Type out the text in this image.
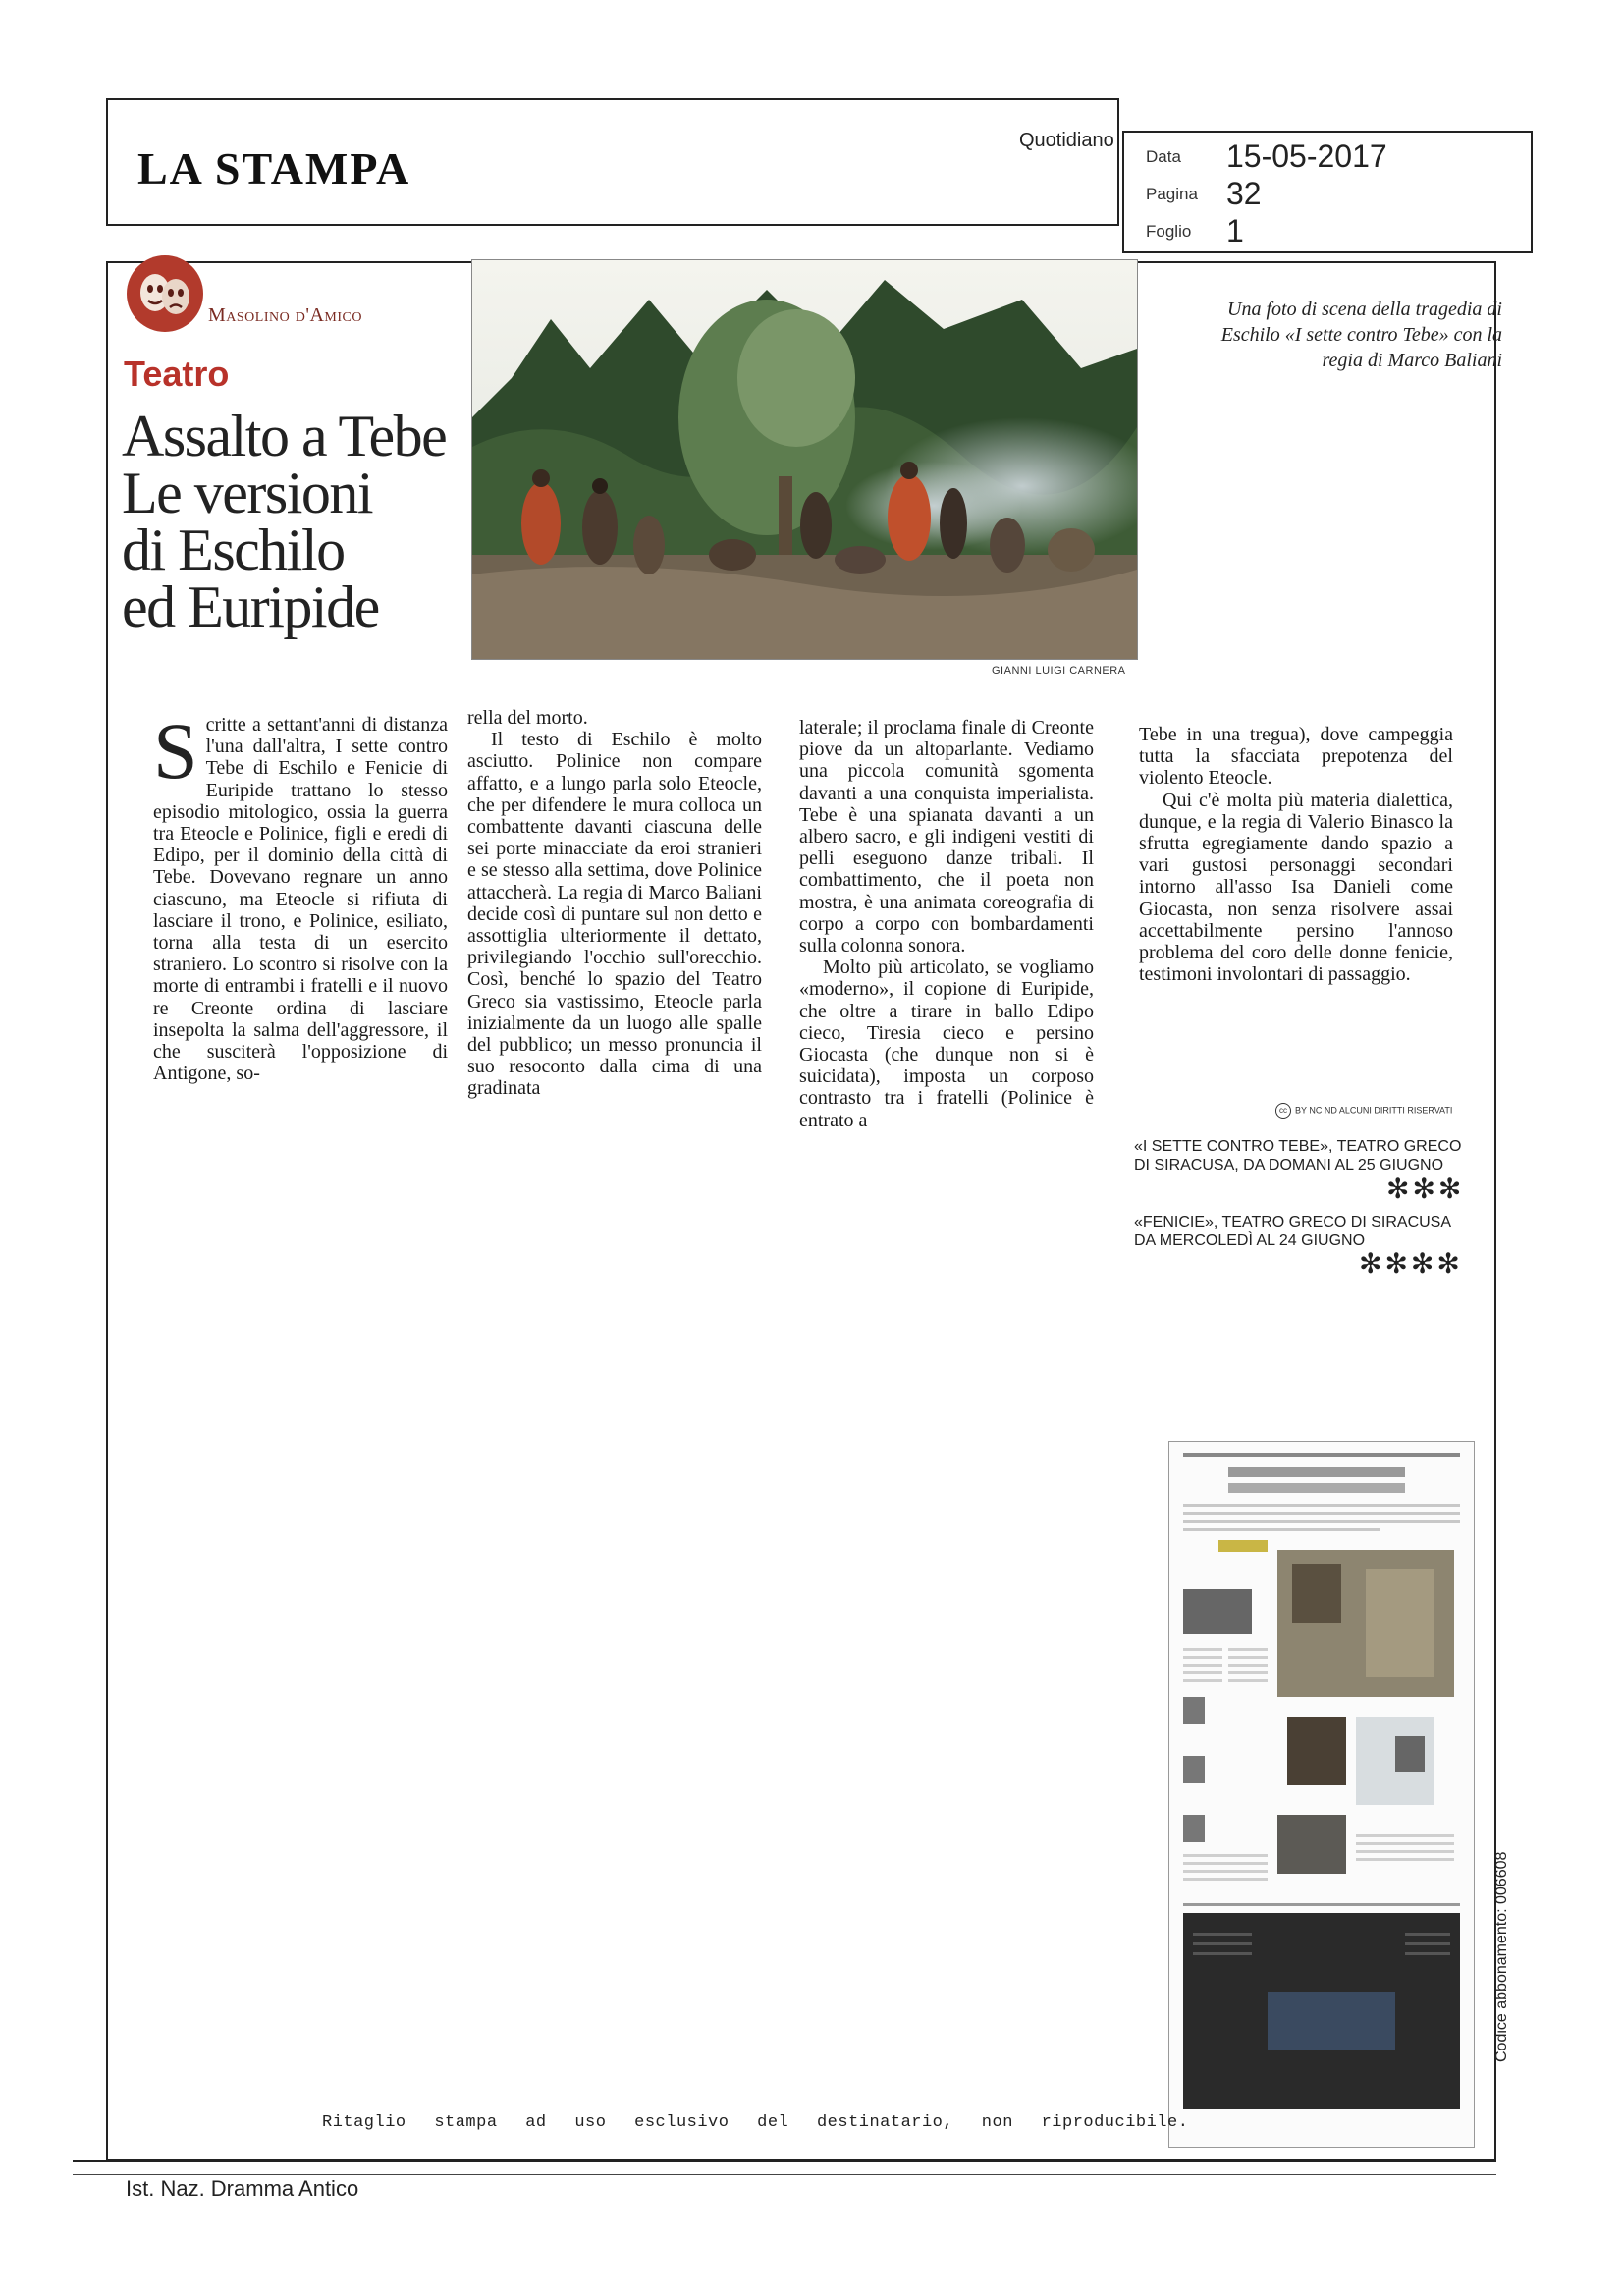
LA STAMPA
Quotidiano
Data 15-05-2017
Pagina 32
Foglio 1
Masolino d'Amico
Teatro
Assalto a Tebe
Le versioni
di Eschilo
ed Euripide
GIANNI LUIGI CARNERA
Una foto di scena della tragedia di Eschilo «I sette contro Tebe» con la regia di Marco Baliani

Scritte a settant'anni di distanza l'una dall'altra, I sette contro Tebe di Eschilo e Fenicie di Euripide trattano lo stesso episodio mitologico, ossia la guerra tra Eteocle e Polinice, figli e eredi di Edipo, per il dominio della città di Tebe. Dovevano regnare un anno ciascuno, ma Eteocle si rifiuta di lasciare il trono, e Polinice, esiliato, torna alla testa di un esercito straniero. Lo scontro si risolve con la morte di entrambi i fratelli e il nuovo re Creonte ordina di lasciare insepolta la salma dell'aggressore, il che susciterà l'opposizione di Antigone, so-

rella del morto.

Il testo di Eschilo è molto asciutto. Polinice non compare affatto, e a lungo parla solo Eteocle, che per difendere le mura colloca un combattente davanti ciascuna delle sei porte minacciate da eroi stranieri e se stesso alla settima, dove Polinice attaccherà. La regia di Marco Baliani decide così di puntare sul non detto e assottiglia ulteriormente il dettato, privilegiando l'occhio sull'orecchio. Così, benché lo spazio del Teatro Greco sia vastissimo, Eteocle parla inizialmente da un luogo alle spalle del pubblico; un messo pronuncia il suo resoconto dalla cima di una gradinata

laterale; il proclama finale di Creonte piove da un altoparlante. Vediamo una piccola comunità sgomenta davanti a una conquista imperialista. Tebe è una spianata davanti a un albero sacro, e gli indigeni vestiti di pelli eseguono danze tribali. Il combattimento, che il poeta non mostra, è una animata coreografia di corpo a corpo con bombardamenti sulla colonna sonora.

Molto più articolato, se vogliamo «moderno», il copione di Euripide, che oltre a tirare in ballo Edipo cieco, Tiresia cieco e persino Giocasta (che dunque non si è suicidata), imposta un corposo contrasto tra i fratelli (Polinice è entrato a

Tebe in una tregua), dove campeggia tutta la sfacciata prepotenza del violento Eteocle.

Qui c'è molta più materia dialettica, dunque, e la regia di Valerio Binasco la sfrutta egregiamente dando spazio a vari gustosi personaggi secondari intorno all'asso Isa Danieli come Giocasta, non senza risolvere assai accettabilmente persino l'annoso problema del coro delle donne fenicie, testimoni involontari di passaggio.

cc BY NC ND ALCUNI DIRITTI RISERVATI
«I SETTE CONTRO TEBE», TEATRO GRECO DI SIRACUSA, DA DOMANI AL 25 GIUGNO
✻✻✻
«FENICIE», TEATRO GRECO DI SIRACUSA DA MERCOLEDÌ AL 24 GIUGNO
✻✻✻✻
Codice abbonamento: 006608
Ritaglio stampa ad uso esclusivo del destinatario, non riproducibile.
Ist. Naz. Dramma Antico
